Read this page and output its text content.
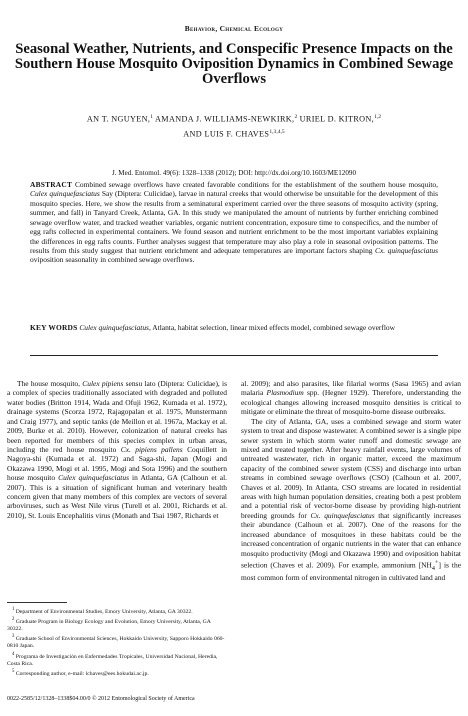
Behavior, Chemical Ecology
Seasonal Weather, Nutrients, and Conspecific Presence Impacts on the Southern House Mosquito Oviposition Dynamics in Combined Sewage Overflows
AN T. NGUYEN,$^1$ AMANDA J. WILLIAMS-NEWKIRK,$^2$ URIEL D. KITRON,$^{1,2}$
AND LUIS F. CHAVES$^{1,3,4,5}$
J. Med. Entomol. 49(6): 1328–1338 (2012); DOI: http://dx.doi.org/10.1603/ME12090
ABSTRACT Combined sewage overflows have created favorable conditions for the establishment of the southern house mosquito, Culex quinquefasciatus Say (Diptera: Culicidae), larvae in natural creeks that would otherwise be unsuitable for the development of this mosquito species. Here, we show the results from a seminatural experiment carried over the three seasons of mosquito activity (spring, summer, and fall) in Tanyard Creek, Atlanta, GA. In this study we manipulated the amount of nutrients by further enriching combined sewage overflow water, and tracked weather variables, organic nutrient concentration, exposure time to conspecifics, and the number of egg rafts collected in experimental containers. We found season and nutrient enrichment to be the most important variables explaining the differences in egg rafts counts. Further analyses suggest that temperature may also play a role in seasonal oviposition patterns. The results from this study suggest that nutrient enrichment and adequate temperatures are important factors shaping Cx. quinquefasciatus oviposition seasonality in combined sewage overflows.
KEY WORDS Culex quinquefasciatus, Atlanta, habitat selection, linear mixed effects model, combined sewage overflow

The house mosquito, Culex pipiens sensu lato (Diptera: Culicidae), is a complex of species traditionally associated with degraded and polluted water bodies (Britton 1914, Wada and Ofuji 1962, Kumada et al. 1972), drainage systems (Scorza 1972, Rajagopalan et al. 1975, Munstermann and Craig 1977), and septic tanks (de Meillon et al. 1967a, Mackay et al. 2009, Burke et al. 2010). However, colonization of natural creeks has been reported for members of this species complex in urban areas, including the red house mosquito Cx. pipiens pallens Coquillett in Nagoya-shi (Kumada et al. 1972) and Saga-shi, Japan (Mogi and Okazawa 1990, Mogi et al. 1995, Mogi and Sota 1996) and the southern house mosquito Culex quinquefasciatus in Atlanta, GA (Calhoun et al. 2007). This is a situation of significant human and veterinary health concern given that many members of this complex are vectors of several arboviruses, such as West Nile virus (Turell et al. 2001, Richards et al. 2010), St. Louis Encephalitis virus (Monath and Tsai 1987, Richards et

al. 2009); and also parasites, like filarial worms (Sasa 1965) and avian malaria Plasmodium spp. (Hegner 1929). Therefore, understanding the ecological changes allowing increased mosquito densities is critical to mitigate or eliminate the threat of mosquito-borne disease outbreaks.

The city of Atlanta, GA, uses a combined sewage and storm water system to treat and dispose wastewater. A combined sewer is a single pipe sewer system in which storm water runoff and domestic sewage are mixed and treated together. After heavy rainfall events, large volumes of untreated wastewater, rich in organic matter, exceed the maximum capacity of the combined sewer system (CSS) and discharge into urban streams in combined sewage overflows (CSO) (Calhoun et al. 2007, Chaves et al. 2009). In Atlanta, CSO streams are located in residential areas with high human population densities, creating both a pest problem and a potential risk of vector-borne disease by providing high-nutrient breeding grounds for Cx. quinquefasciatus that significantly increases their abundance (Calhoun et al. 2007). One of the reasons for the increased abundance of mosquitoes in these habitats could be the increased concentration of organic nutrients in the water that can enhance mosquito productivity (Mogi and Okazawa 1990) and oviposition habitat selection (Chaves et al. 2009). For example, ammonium $[NH_4^+]$ is the most common form of environmental nitrogen in cultivated land and

$^1$ Department of Environmental Studies, Emory University, Atlanta, GA 30322.
$^2$ Graduate Program in Biology Ecology and Evolution, Emory University, Atlanta, GA 30322.
$^3$ Graduate School of Environmental Sciences, Hokkaido University, Sapporo Hokkaido 060-0810 Japan.
$^4$ Programa de Investigación en Enfermedades Tropicales, Universidad Nacional, Heredia, Costa Rica.
$^5$ Corresponding author, e-mail: lchaves@ees.hokudai.ac.jp.
0022-2585/12/1328–1338$04.00/0 © 2012 Entomological Society of America
